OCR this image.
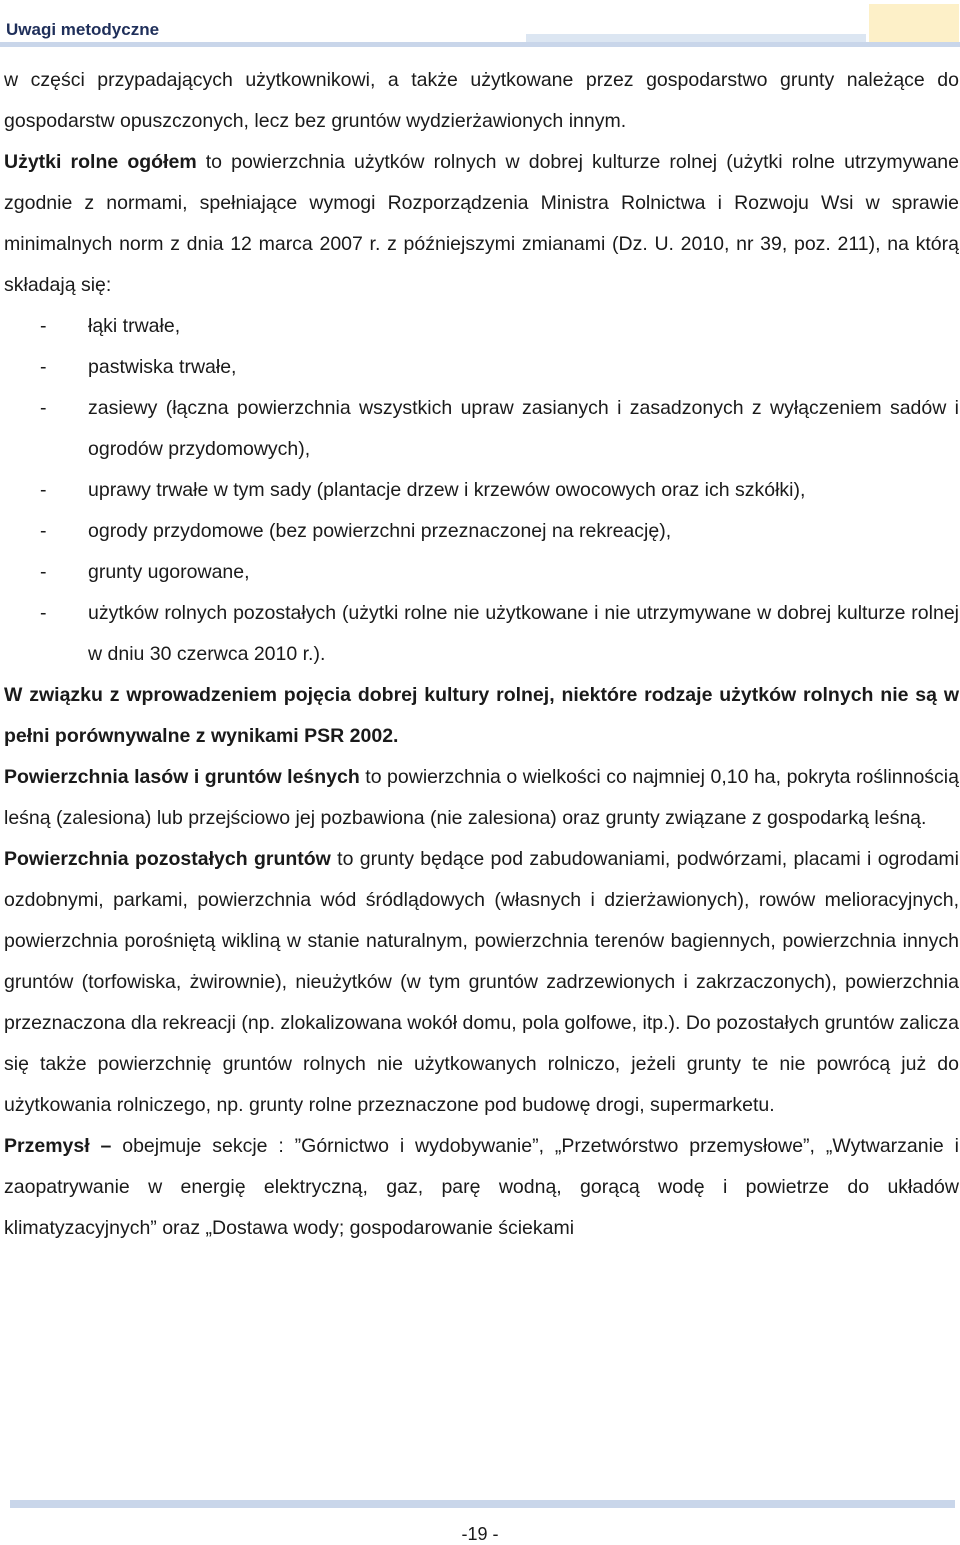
Uwagi metodyczne

w części przypadających użytkownikowi, a także użytkowane przez gospodarstwo grunty należące do gospodarstw opuszczonych, lecz bez gruntów wydzierżawionych innym.

Użytki rolne ogółem to powierzchnia użytków rolnych w dobrej kulturze rolnej (użytki rolne utrzymywane zgodnie z normami, spełniające wymogi Rozporządzenia Ministra Rolnictwa i Rozwoju Wsi w sprawie minimalnych norm z dnia 12 marca 2007 r. z późniejszymi zmianami (Dz. U. 2010, nr 39, poz. 211), na którą składają się:

- łąki trwałe,
- pastwiska trwałe,
- zasiewy (łączna powierzchnia wszystkich upraw zasianych i zasadzonych z wyłączeniem sadów i ogrodów przydomowych),
- uprawy trwałe w tym sady (plantacje drzew i krzewów owocowych oraz ich szkółki),
- ogrody przydomowe (bez powierzchni przeznaczonej na rekreację),
- grunty ugorowane,
- użytków rolnych pozostałych (użytki rolne nie użytkowane i nie utrzymywane w dobrej kulturze rolnej w dniu 30 czerwca 2010 r.).

W związku z wprowadzeniem pojęcia dobrej kultury rolnej, niektóre rodzaje użytków rolnych nie są w pełni porównywalne z wynikami PSR 2002.

Powierzchnia lasów i gruntów leśnych to powierzchnia o wielkości co najmniej 0,10 ha, pokryta roślinnością leśną (zalesiona) lub przejściowo jej pozbawiona (nie zalesiona) oraz grunty związane z gospodarką leśną.

Powierzchnia pozostałych gruntów to grunty będące pod zabudowaniami, podwórzami, placami i ogrodami ozdobnymi, parkami, powierzchnia wód śródlądowych (własnych i dzierżawionych), rowów melioracyjnych, powierzchnia porośniętą wikliną w stanie naturalnym, powierzchnia terenów bagiennych, powierzchnia innych gruntów (torfowiska, żwirownie), nieużytków (w tym gruntów zadrzewionych i zakrzaczonych), powierzchnia przeznaczona dla rekreacji (np. zlokalizowana wokół domu, pola golfowe, itp.). Do pozostałych gruntów zalicza się także powierzchnię gruntów rolnych nie użytkowanych rolniczo, jeżeli grunty te nie powrócą już do użytkowania rolniczego, np. grunty rolne przeznaczone pod budowę drogi, supermarketu.

Przemysł – obejmuje sekcje : ”Górnictwo i wydobywanie”, „Przetwórstwo przemysłowe”, „Wytwarzanie i zaopatrywanie w energię elektryczną, gaz, parę wodną, gorącą wodę i powietrze do układów klimatyzacyjnych” oraz „Dostawa wody; gospodarowanie ściekami

-19 -
